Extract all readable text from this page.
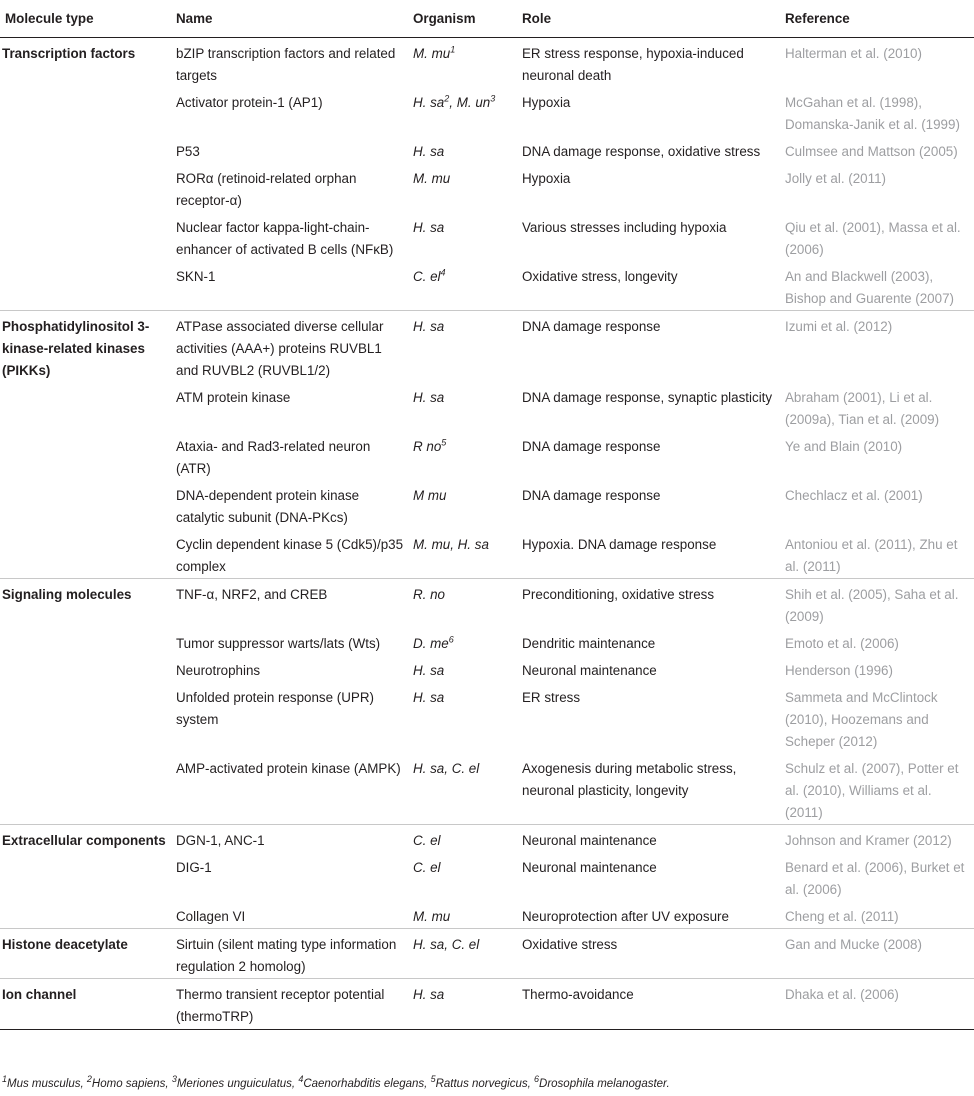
Molecule type	Name	Organism	Role	Reference
Transcription factors	bZIP transcription factors and related targets	M. $mu^1$	ER stress response, hypoxia-induced neuronal death	Halterman et al. (2010)
	Activator protein-1 (AP1)	H. $sa^2$, M. $un^3$	Hypoxia	McGahan et al. (1998), Domanska-Janik et al. (1999)
	P53	H. sa	DNA damage response, oxidative stress	Culmsee and Mattson (2005)
	RORα (retinoid-related orphan receptor-α)	M. mu	Hypoxia	Jolly et al. (2011)
	Nuclear factor kappa-light-chain-enhancer of activated B cells (NFκB)	H. sa	Various stresses including hypoxia	Qiu et al. (2001), Massa et al. (2006)
	SKN-1	C. $el^4$	Oxidative stress, longevity	An and Blackwell (2003), Bishop and Guarente (2007)
Phosphatidylinositol 3-kinase-related kinases (PIKKs)	ATPase associated diverse cellular activities (AAA+) proteins RUVBL1 and RUVBL2 (RUVBL1/2)	H. sa	DNA damage response	Izumi et al. (2012)
	ATM protein kinase	H. sa	DNA damage response, synaptic plasticity	Abraham (2001), Li et al. (2009a), Tian et al. (2009)
	Ataxia- and Rad3-related neuron (ATR)	R $no^5$	DNA damage response	Ye and Blain (2010)
	DNA-dependent protein kinase catalytic subunit (DNA-PKcs)	M mu	DNA damage response	Chechlacz et al. (2001)
	Cyclin dependent kinase 5 (Cdk5)/p35 complex	M. mu, H. sa	Hypoxia. DNA damage response	Antoniou et al. (2011), Zhu et al. (2011)
Signaling molecules	TNF-α, NRF2, and CREB	R. no	Preconditioning, oxidative stress	Shih et al. (2005), Saha et al. (2009)
	Tumor suppressor warts/lats (Wts)	D. $me^6$	Dendritic maintenance	Emoto et al. (2006)
	Neurotrophins	H. sa	Neuronal maintenance	Henderson (1996)
	Unfolded protein response (UPR) system	H. sa	ER stress	Sammeta and McClintock (2010), Hoozemans and Scheper (2012)
	AMP-activated protein kinase (AMPK)	H. sa, C. el	Axogenesis during metabolic stress, neuronal plasticity, longevity	Schulz et al. (2007), Potter et al. (2010), Williams et al. (2011)
Extracellular components	DGN-1, ANC-1	C. el	Neuronal maintenance	Johnson and Kramer (2012)
	DIG-1	C. el	Neuronal maintenance	Benard et al. (2006), Burket et al. (2006)
	Collagen VI	M. mu	Neuroprotection after UV exposure	Cheng et al. (2011)
Histone deacetylate	Sirtuin (silent mating type information regulation 2 homolog)	H. sa, C. el	Oxidative stress	Gan and Mucke (2008)
Ion channel	Thermo transient receptor potential (thermoTRP)	H. sa	Thermo-avoidance	Dhaka et al. (2006)
$^1$Mus musculus, $^2$Homo sapiens, $^3$Meriones unguiculatus, $^4$Caenorhabditis elegans, $^5$Rattus norvegicus, $^6$Drosophila melanogaster.
